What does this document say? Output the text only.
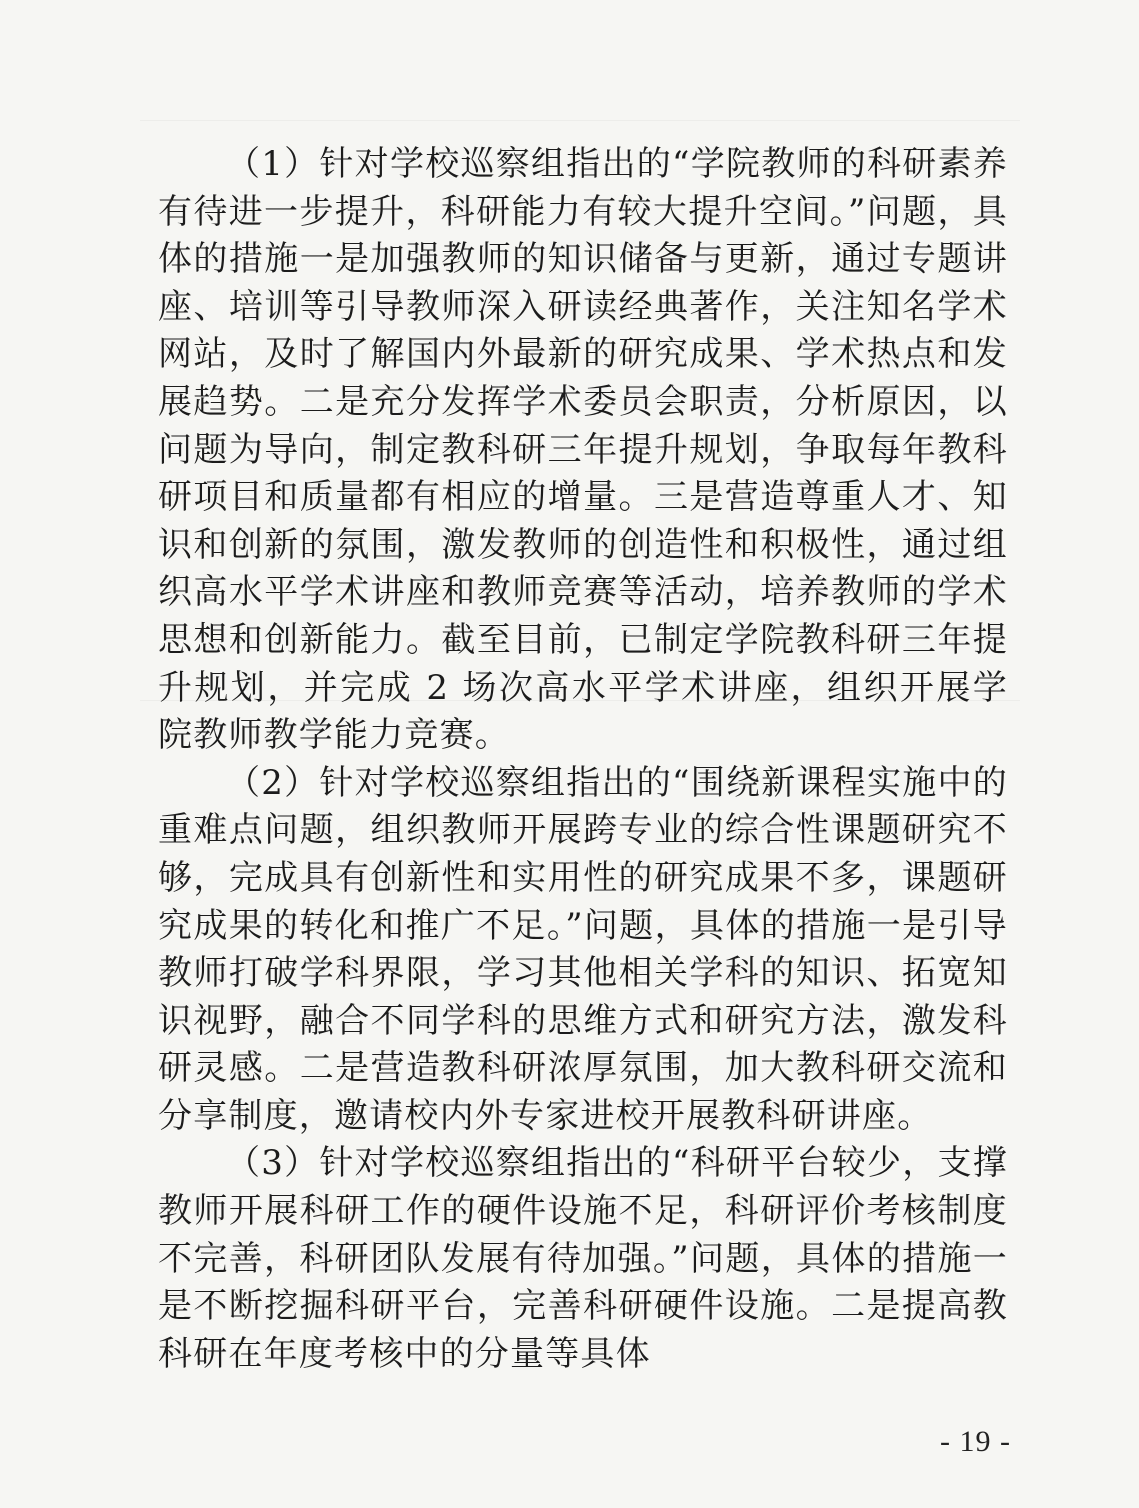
（1）针对学校巡察组指出的“学院教师的科研素养有待进一步提升，科研能力有较大提升空间。”问题，具体的措施一是加强教师的知识储备与更新，通过专题讲座、培训等引导教师深入研读经典著作，关注知名学术网站，及时了解国内外最新的研究成果、学术热点和发展趋势。二是充分发挥学术委员会职责，分析原因，以问题为导向，制定教科研三年提升规划，争取每年教科研项目和质量都有相应的增量。三是营造尊重人才、知识和创新的氛围，激发教师的创造性和积极性，通过组织高水平学术讲座和教师竞赛等活动，培养教师的学术思想和创新能力。截至目前，已制定学院教科研三年提升规划，并完成 2 场次高水平学术讲座，组织开展学院教师教学能力竞赛。

（2）针对学校巡察组指出的“围绕新课程实施中的重难点问题，组织教师开展跨专业的综合性课题研究不够，完成具有创新性和实用性的研究成果不多，课题研究成果的转化和推广不足。”问题，具体的措施一是引导教师打破学科界限，学习其他相关学科的知识、拓宽知识视野，融合不同学科的思维方式和研究方法，激发科研灵感。二是营造教科研浓厚氛围，加大教科研交流和分享制度，邀请校内外专家进校开展教科研讲座。

（3）针对学校巡察组指出的“科研平台较少，支撑教师开展科研工作的硬件设施不足，科研评价考核制度不完善，科研团队发展有待加强。”问题，具体的措施一是不断挖掘科研平台，完善科研硬件设施。二是提高教科研在年度考核中的分量等具体

- 19 -
